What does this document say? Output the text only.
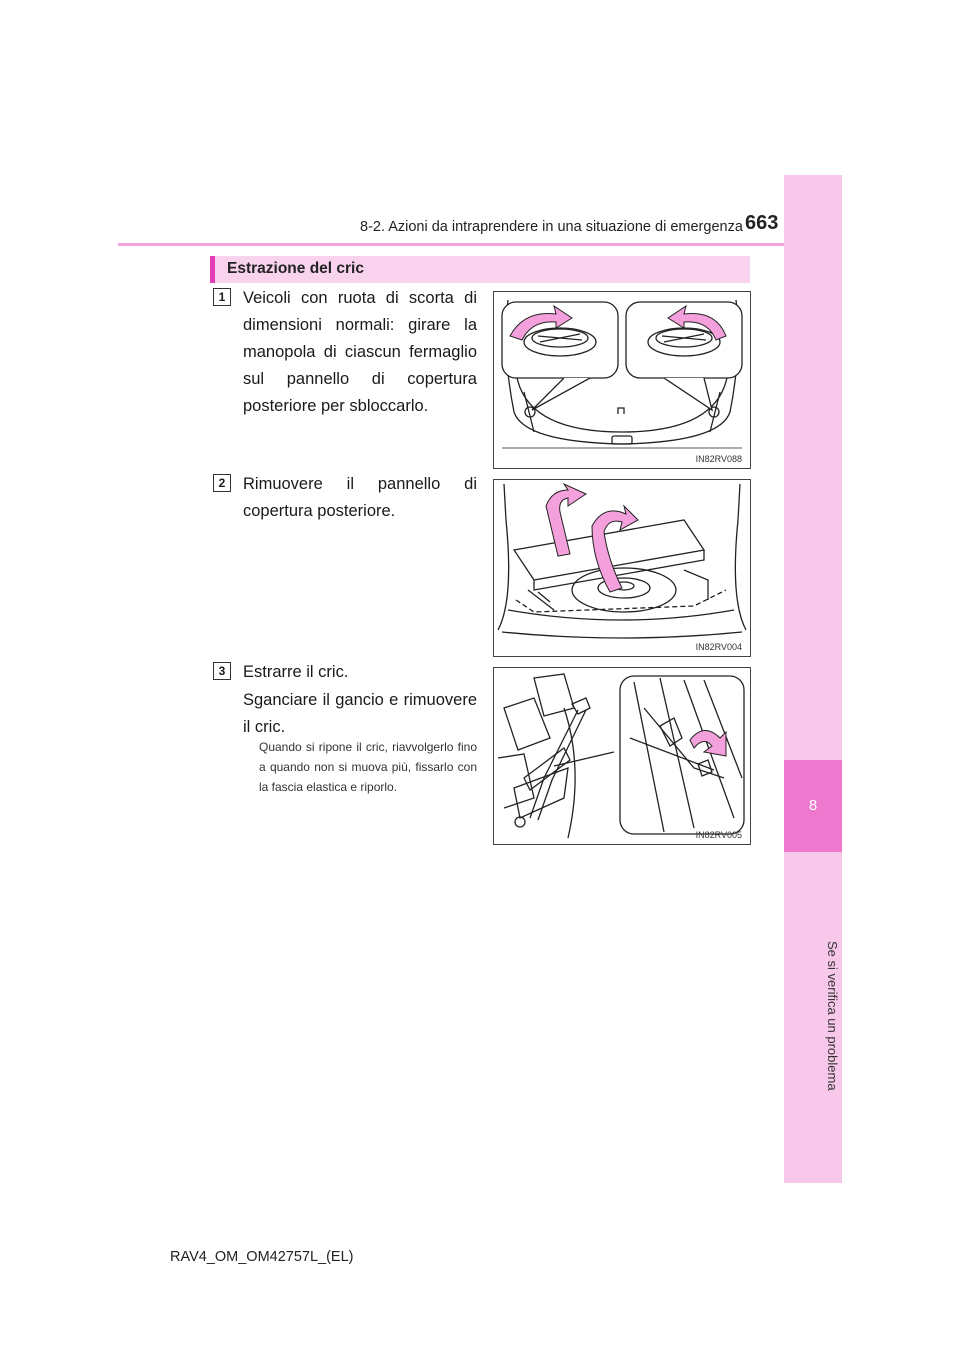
8-2. Azioni da intraprendere in una situazione di emergenza 663
8
Se si verifica un problema
Estrazione del cric
1	Veicoli con ruota di scorta di dimensioni normali: girare la manopola di ciascun fermaglio sul pannello di copertura posteriore per sbloccarlo.
IN82RV088
2	Rimuovere il pannello di copertura posteriore.
IN82RV004
3	Estrarre il cric.
Sganciare il gancio e rimuovere il cric.
Quando si ripone il cric, riavvolgerlo fino a quando non si muova più, fissarlo con la fascia elastica e riporlo.
IN82RV005
RAV4_OM_OM42757L_(EL)
